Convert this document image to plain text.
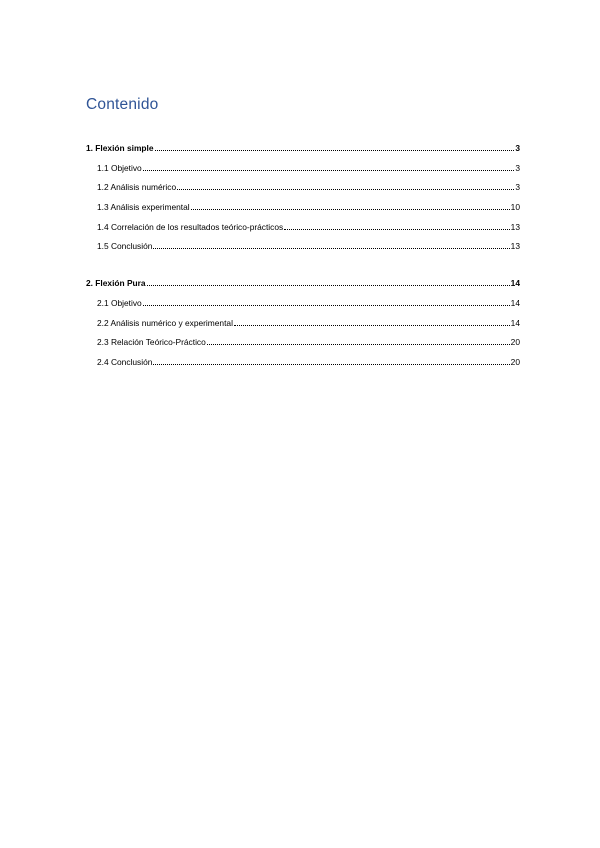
Contenido
1. Flexión simple	3
1.1 Objetivo	3
1.2 Análisis numérico	3
1.3 Análisis experimental	10
1.4 Correlación de los resultados teórico-prácticos	13
1.5 Conclusión	13
2. Flexión Pura	14
2.1 Objetivo	14
2.2 Análisis numérico y experimental	14
2.3 Relación Teórico-Práctico	20
2.4 Conclusión	20
